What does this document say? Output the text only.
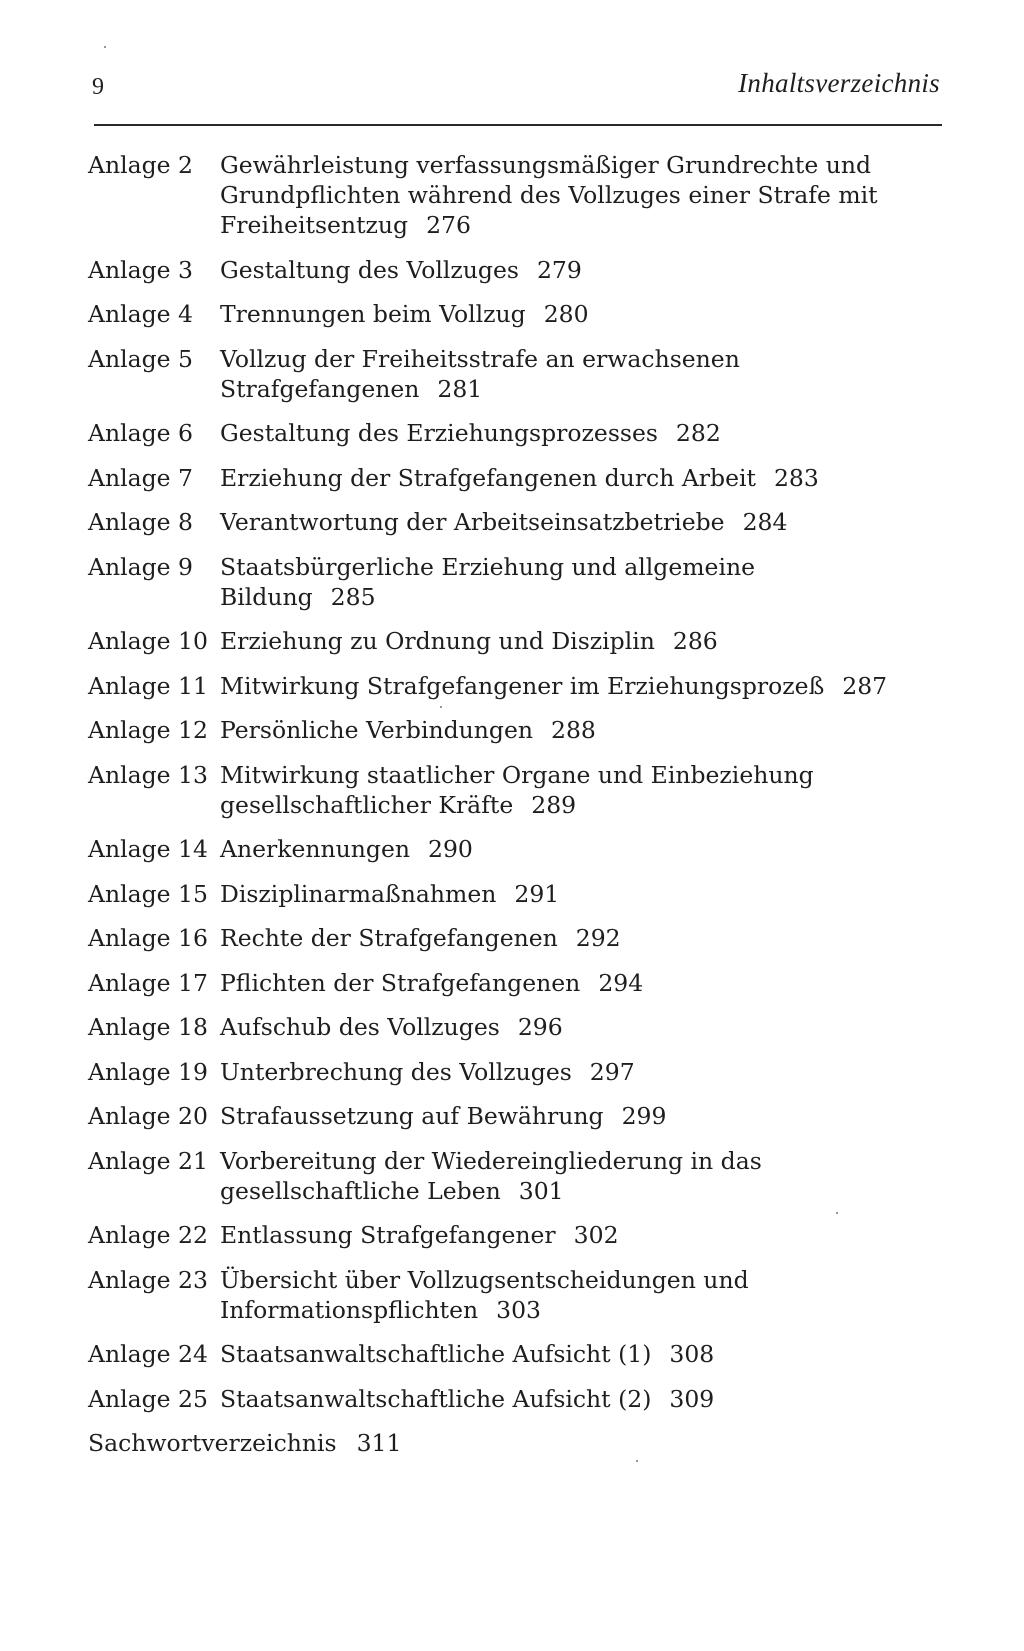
9	Inhaltsverzeichnis
Anlage 2	Gewährleistung verfassungsmäßiger Grundrechte und Grundpflichten während des Vollzuges einer Strafe mit Freiheitsentzug 276
Anlage 3	Gestaltung des Vollzuges 279
Anlage 4	Trennungen beim Vollzug 280
Anlage 5	Vollzug der Freiheitsstrafe an erwachsenen Strafgefangenen 281
Anlage 6	Gestaltung des Erziehungsprozesses 282
Anlage 7	Erziehung der Strafgefangenen durch Arbeit 283
Anlage 8	Verantwortung der Arbeitseinsatzbetriebe 284
Anlage 9	Staatsbürgerliche Erziehung und allgemeine Bildung 285
Anlage 10 Erziehung zu Ordnung und Disziplin 286
Anlage 11 Mitwirkung Strafgefangener im Erziehungsprozeß 287
Anlage 12 Persönliche Verbindungen 288
Anlage 13 Mitwirkung staatlicher Organe und Einbeziehung gesellschaftlicher Kräfte 289
Anlage 14 Anerkennungen 290
Anlage 15 Disziplinarmaßnahmen 291
Anlage 16 Rechte der Strafgefangenen 292
Anlage 17 Pflichten der Strafgefangenen 294
Anlage 18 Aufschub des Vollzuges 296
Anlage 19 Unterbrechung des Vollzuges 297
Anlage 20 Strafaussetzung auf Bewährung 299
Anlage 21 Vorbereitung der Wiedereingliederung in das gesellschaftliche Leben 301
Anlage 22 Entlassung Strafgefangener 302
Anlage 23 Übersicht über Vollzugsentscheidungen und Informationspflichten 303
Anlage 24 Staatsanwaltschaftliche Aufsicht (1) 308
Anlage 25 Staatsanwaltschaftliche Aufsicht (2) 309
Sachwortverzeichnis 311
